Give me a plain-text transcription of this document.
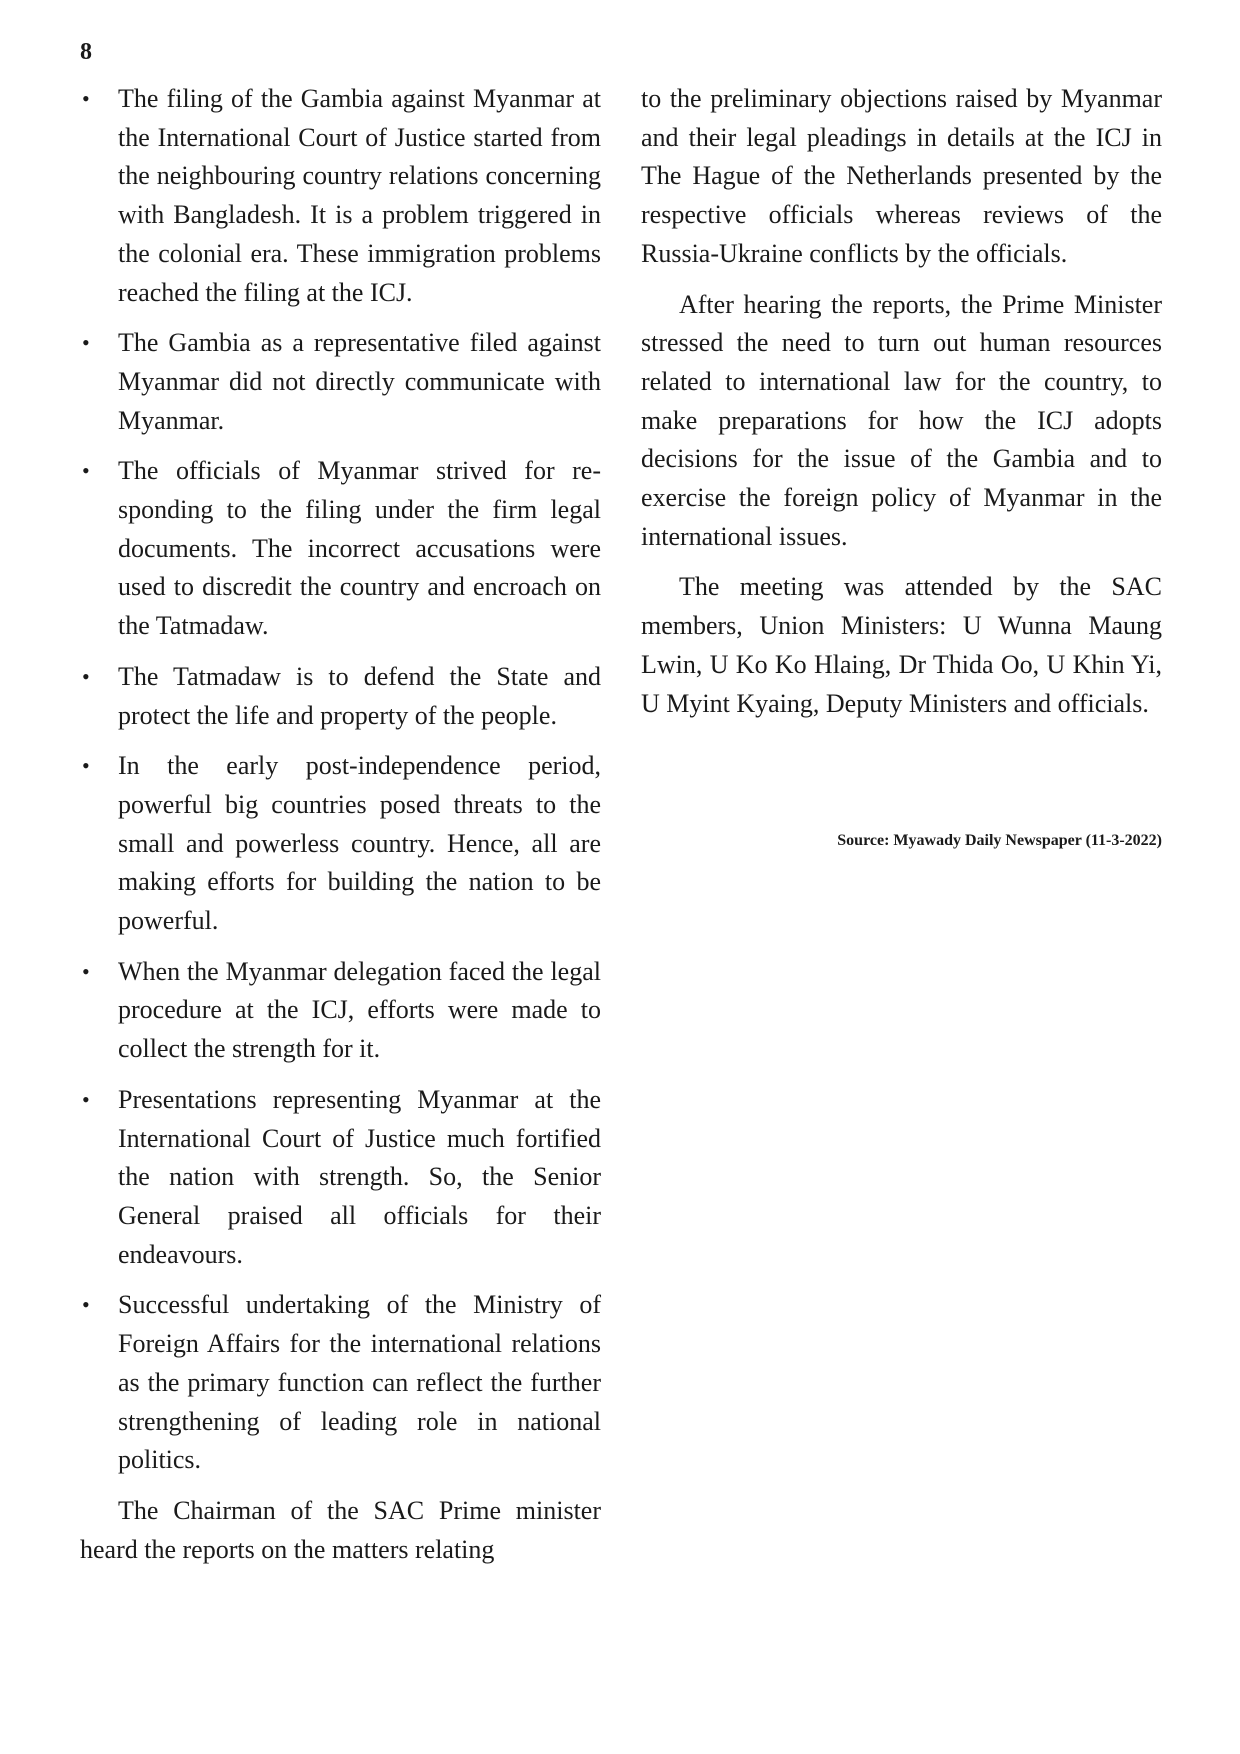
8
• The filing of the Gambia against Myanmar at the International Court of Justice started from the neighbouring country relations concerning with Bangladesh. It is a problem triggered in the colonial era. These immigration problems reached the filing at the ICJ.
• The Gambia as a representative filed against Myanmar did not directly communicate with Myanmar.
• The officials of Myanmar strived for responding to the filing under the firm legal documents. The incorrect accusations were used to discredit the country and encroach on the Tatmadaw.
• The Tatmadaw is to defend the State and protect the life and property of the people.
• In the early post-independence period, powerful big countries posed threats to the small and powerless country. Hence, all are making efforts for building the nation to be powerful.
• When the Myanmar delegation faced the legal procedure at the ICJ, efforts were made to collect the strength for it.
• Presentations representing Myanmar at the International Court of Justice much fortified the nation with strength. So, the Senior General praised all officials for their endeavours.
• Successful undertaking of the Ministry of Foreign Affairs for the international relations as the primary function can reflect the further strengthening of leading role in national politics.

The Chairman of the SAC Prime minister heard the reports on the matters relating

to the preliminary objections raised by Myanmar and their legal pleadings in details at the ICJ in The Hague of the Netherlands presented by the respective officials whereas reviews of the Russia-Ukraine conflicts by the officials.

After hearing the reports, the Prime Minister stressed the need to turn out human resources related to international law for the country, to make preparations for how the ICJ adopts decisions for the issue of the Gambia and to exercise the foreign policy of Myanmar in the international issues.

The meeting was attended by the SAC members, Union Ministers: U Wunna Maung Lwin, U Ko Ko Hlaing, Dr Thida Oo, U Khin Yi, U Myint Kyaing, Deputy Ministers and officials.

Source: Myawady Daily Newspaper (11-3-2022)
